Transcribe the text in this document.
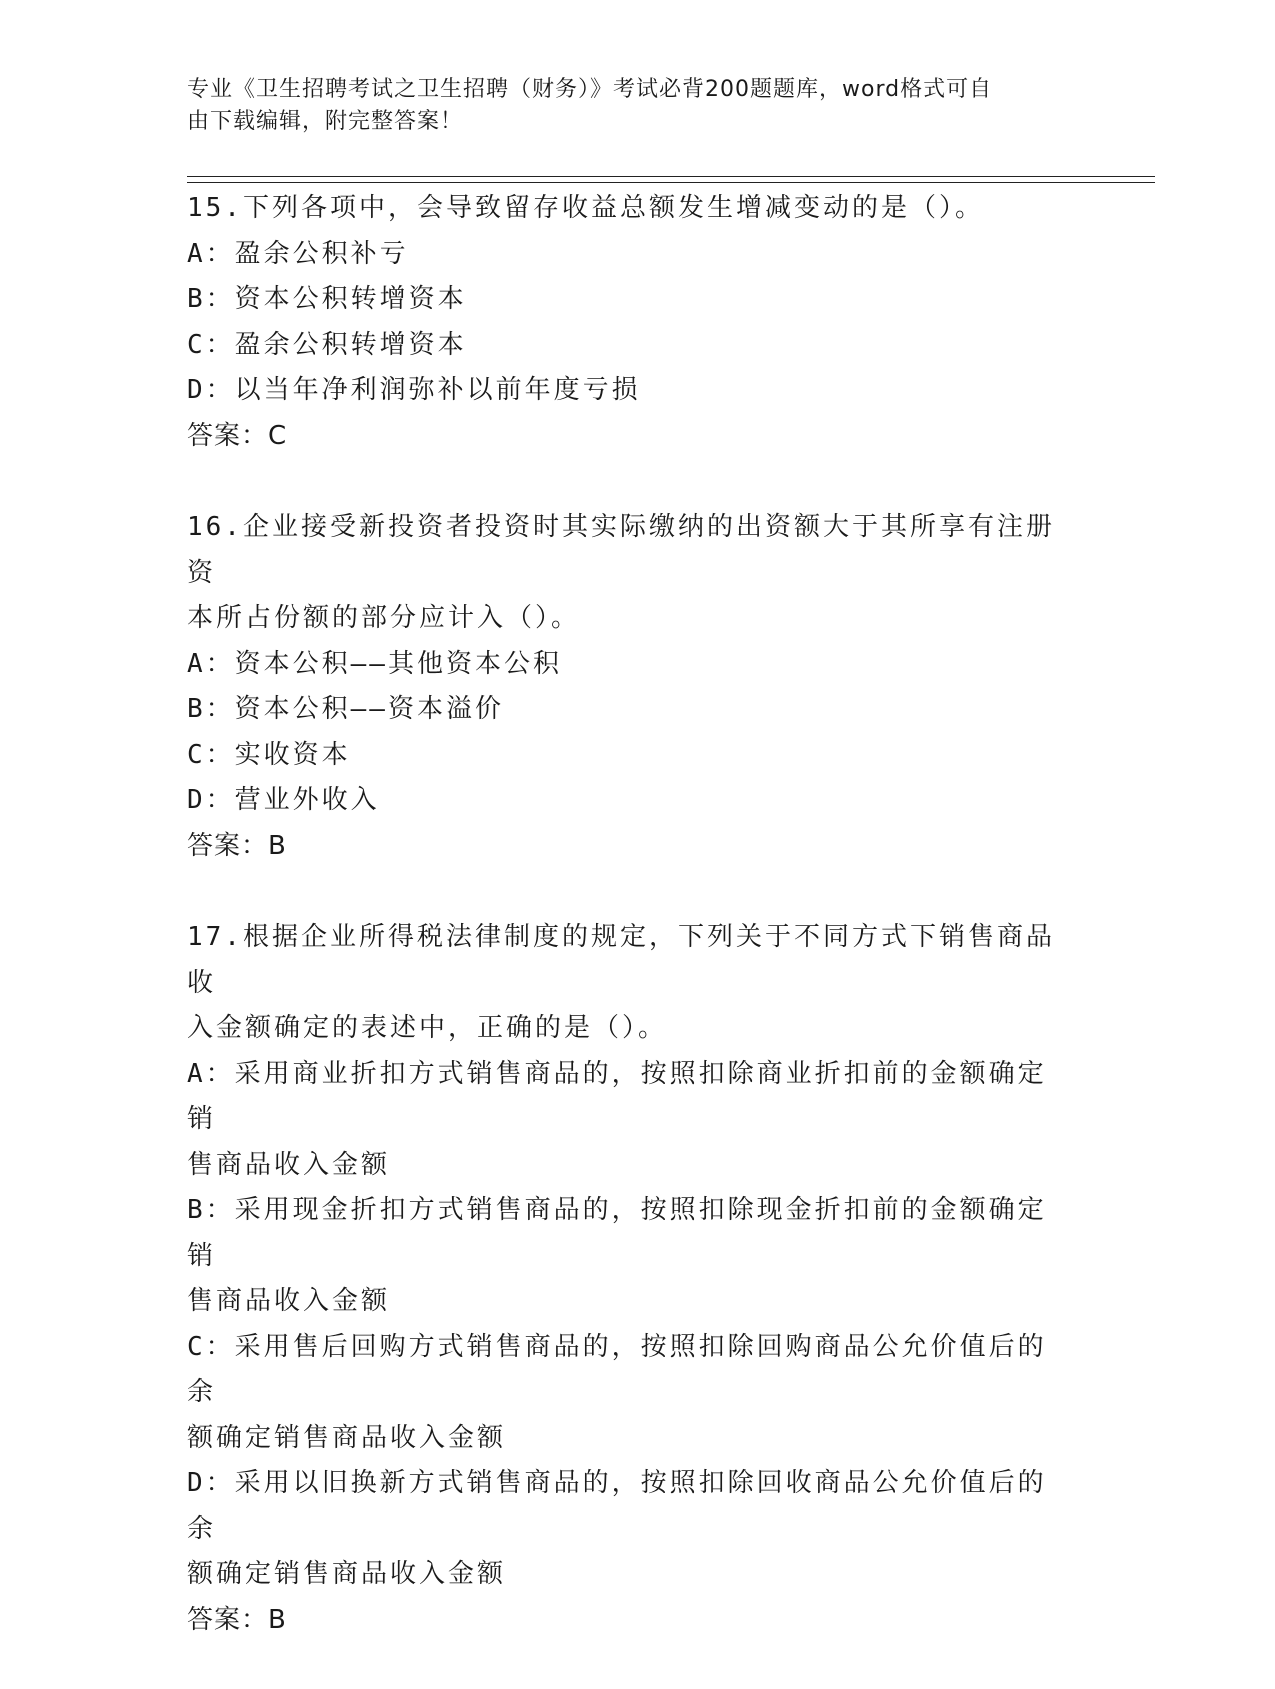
专业《卫生招聘考试之卫生招聘（财务）》考试必背200题题库，word格式可自
由下载编辑，附完整答案！
15.下列各项中，会导致留存收益总额发生增减变动的是（）。
A：盈余公积补亏
B：资本公积转增资本
C：盈余公积转增资本
D：以当年净利润弥补以前年度亏损
答案：C
16.企业接受新投资者投资时其实际缴纳的出资额大于其所享有注册资
本所占份额的部分应计入（）。
A：资本公积——其他资本公积
B：资本公积——资本溢价
C：实收资本
D：营业外收入
答案：B
17.根据企业所得税法律制度的规定，下列关于不同方式下销售商品收
入金额确定的表述中，正确的是（）。
A：采用商业折扣方式销售商品的，按照扣除商业折扣前的金额确定销
售商品收入金额
B：采用现金折扣方式销售商品的，按照扣除现金折扣前的金额确定销
售商品收入金额
C：采用售后回购方式销售商品的，按照扣除回购商品公允价值后的余
额确定销售商品收入金额
D：采用以旧换新方式销售商品的，按照扣除回收商品公允价值后的余
额确定销售商品收入金额
答案：B
